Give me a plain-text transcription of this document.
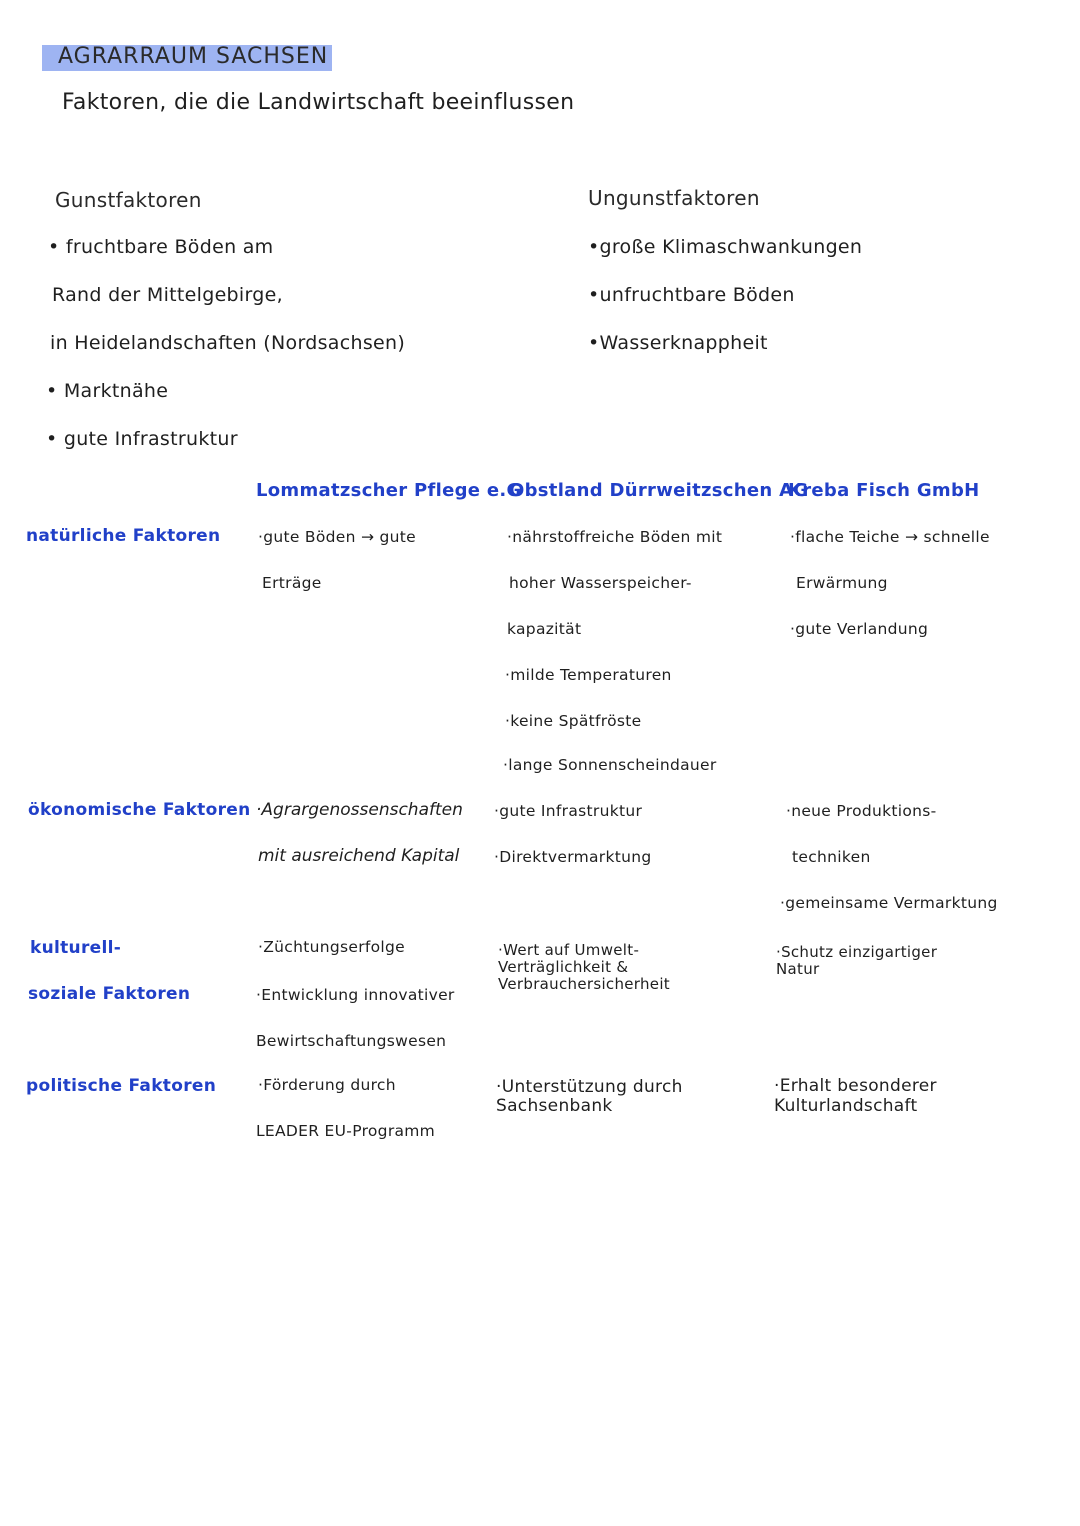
AGRARRAUM SACHSEN
Faktoren, die die Landwirtschaft beeinflussen
Gunstfaktoren
• fruchtbare Böden am
Rand der Mittelgebirge,
in Heidelandschaften (Nordsachsen)
• Marktnähe
• gute Infrastruktur
Ungunstfaktoren
•große Klimaschwankungen
•unfruchtbare Böden
•Wasserknappheit
Lommatzscher Pflege e.G
Obstland Dürrweitzschen AG
Kreba Fisch GmbH
natürliche Faktoren ·gute Böden → gute
Erträge
·nährstoffreiche Böden mit
hoher Wasserspeicher-
kapazität
·milde Temperaturen
·keine Spätfröste
·lange Sonnenscheindauer
·flache Teiche → schnelle
Erwärmung
·gute Verlandung
ökonomische Faktoren ·Agrargenossenschaften
mit ausreichend Kapital
·gute Infrastruktur
·Direktvermarktung
·neue Produktions-
techniken
·gemeinsame Vermarktung
kulturell-
soziale Faktoren
·Züchtungserfolge
·Entwicklung innovativer
Bewirtschaftungswesen
·Wert auf Umwelt-
Verträglichkeit &
Verbrauchersicherheit
·Schutz einzigartiger
Natur
politische Faktoren	·Förderung durch
LEADER EU-Programm
·Unterstützung durch
Sachsenbank
·Erhalt besonderer
Kulturlandschaft
